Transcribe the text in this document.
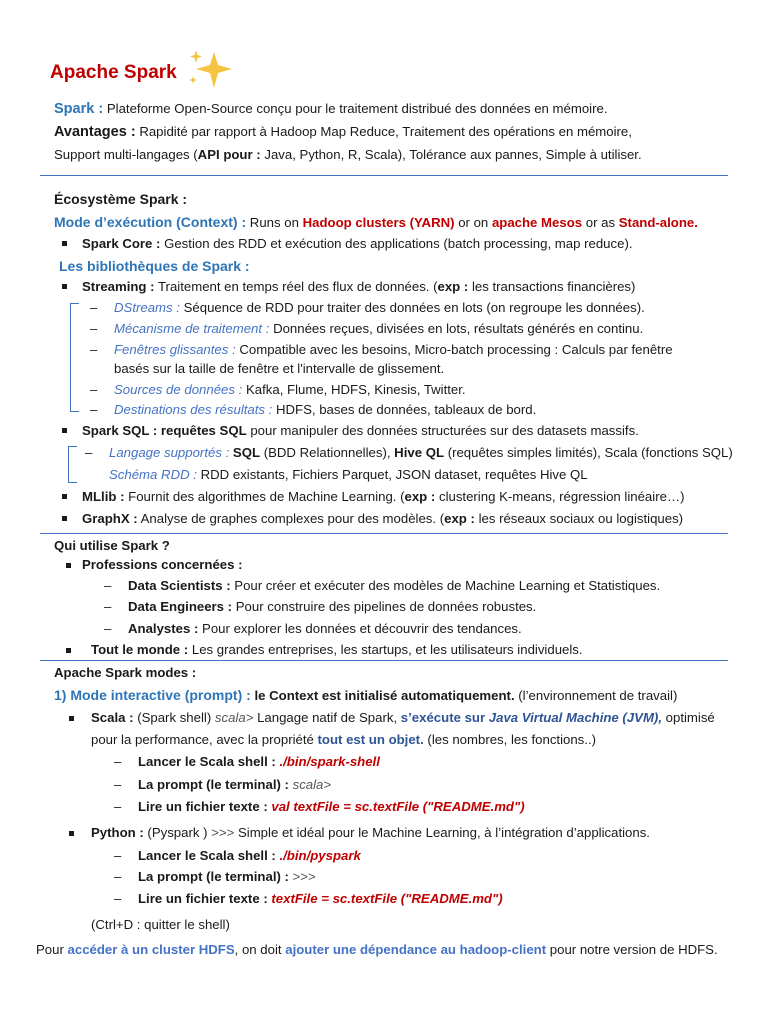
Apache Spark
Spark : Plateforme Open-Source conçu pour le traitement distribué des données en mémoire.
Avantages : Rapidité par rapport à Hadoop Map Reduce, Traitement des opérations en mémoire,
Support multi-langages (API pour : Java, Python, R, Scala), Tolérance aux pannes, Simple à utiliser.
Écosystème Spark :
Mode d’exécution (Context) : Runs on Hadoop clusters (YARN) or on apache Mesos or as Stand-alone.
Spark Core : Gestion des RDD et exécution des applications (batch processing, map reduce).
Les bibliothèques de Spark :
Streaming : Traitement en temps réel des flux de données. (exp : les transactions financières)
– DStreams : Séquence de RDD pour traiter des données en lots (on regroupe les données).
– Mécanisme de traitement : Données reçues, divisées en lots, résultats générés en continu.
– Fenêtres glissantes : Compatible avec les besoins, Micro-batch processing : Calculs par fenêtre
basés sur la taille de fenêtre et l'intervalle de glissement.
– Sources de données : Kafka, Flume, HDFS, Kinesis, Twitter.
– Destinations des résultats : HDFS, bases de données, tableaux de bord.
Spark SQL : requêtes SQL pour manipuler des données structurées sur des datasets massifs.
– Langage supportés : SQL (BDD Relationnelles), Hive QL (requêtes simples limités), Scala (fonctions SQL)
Schéma RDD : RDD existants, Fichiers Parquet, JSON dataset, requêtes Hive QL
MLlib : Fournit des algorithmes de Machine Learning. (exp : clustering K-means, régression linéaire…)
GraphX : Analyse de graphes complexes pour des modèles. (exp : les réseaux sociaux ou logistiques)
Qui utilise Spark ?
Professions concernées :
– Data Scientists : Pour créer et exécuter des modèles de Machine Learning et Statistiques.
– Data Engineers : Pour construire des pipelines de données robustes.
– Analystes : Pour explorer les données et découvrir des tendances.
Tout le monde : Les grandes entreprises, les startups, et les utilisateurs individuels.
Apache Spark modes :
1) Mode interactive (prompt) : le Context est initialisé automatiquement. (l’environnement de travail)
Scala : (Spark shell) scala> Langage natif de Spark, s’exécute sur Java Virtual Machine (JVM), optimisé
pour la performance, avec la propriété tout est un objet. (les nombres, les fonctions..)
– Lancer le Scala shell : ./bin/spark-shell
– La prompt (le terminal) : scala>
– Lire un fichier texte : val textFile = sc.textFile ("README.md")
Python : (Pyspark ) >>> Simple et idéal pour le Machine Learning, à l’intégration d’applications.
– Lancer le Scala shell : ./bin/pyspark
– La prompt (le terminal) : >>>
– Lire un fichier texte : textFile = sc.textFile ("README.md")
(Ctrl+D : quitter le shell)
Pour accéder à un cluster HDFS, on doit ajouter une dépendance au hadoop-client pour notre version de HDFS.
